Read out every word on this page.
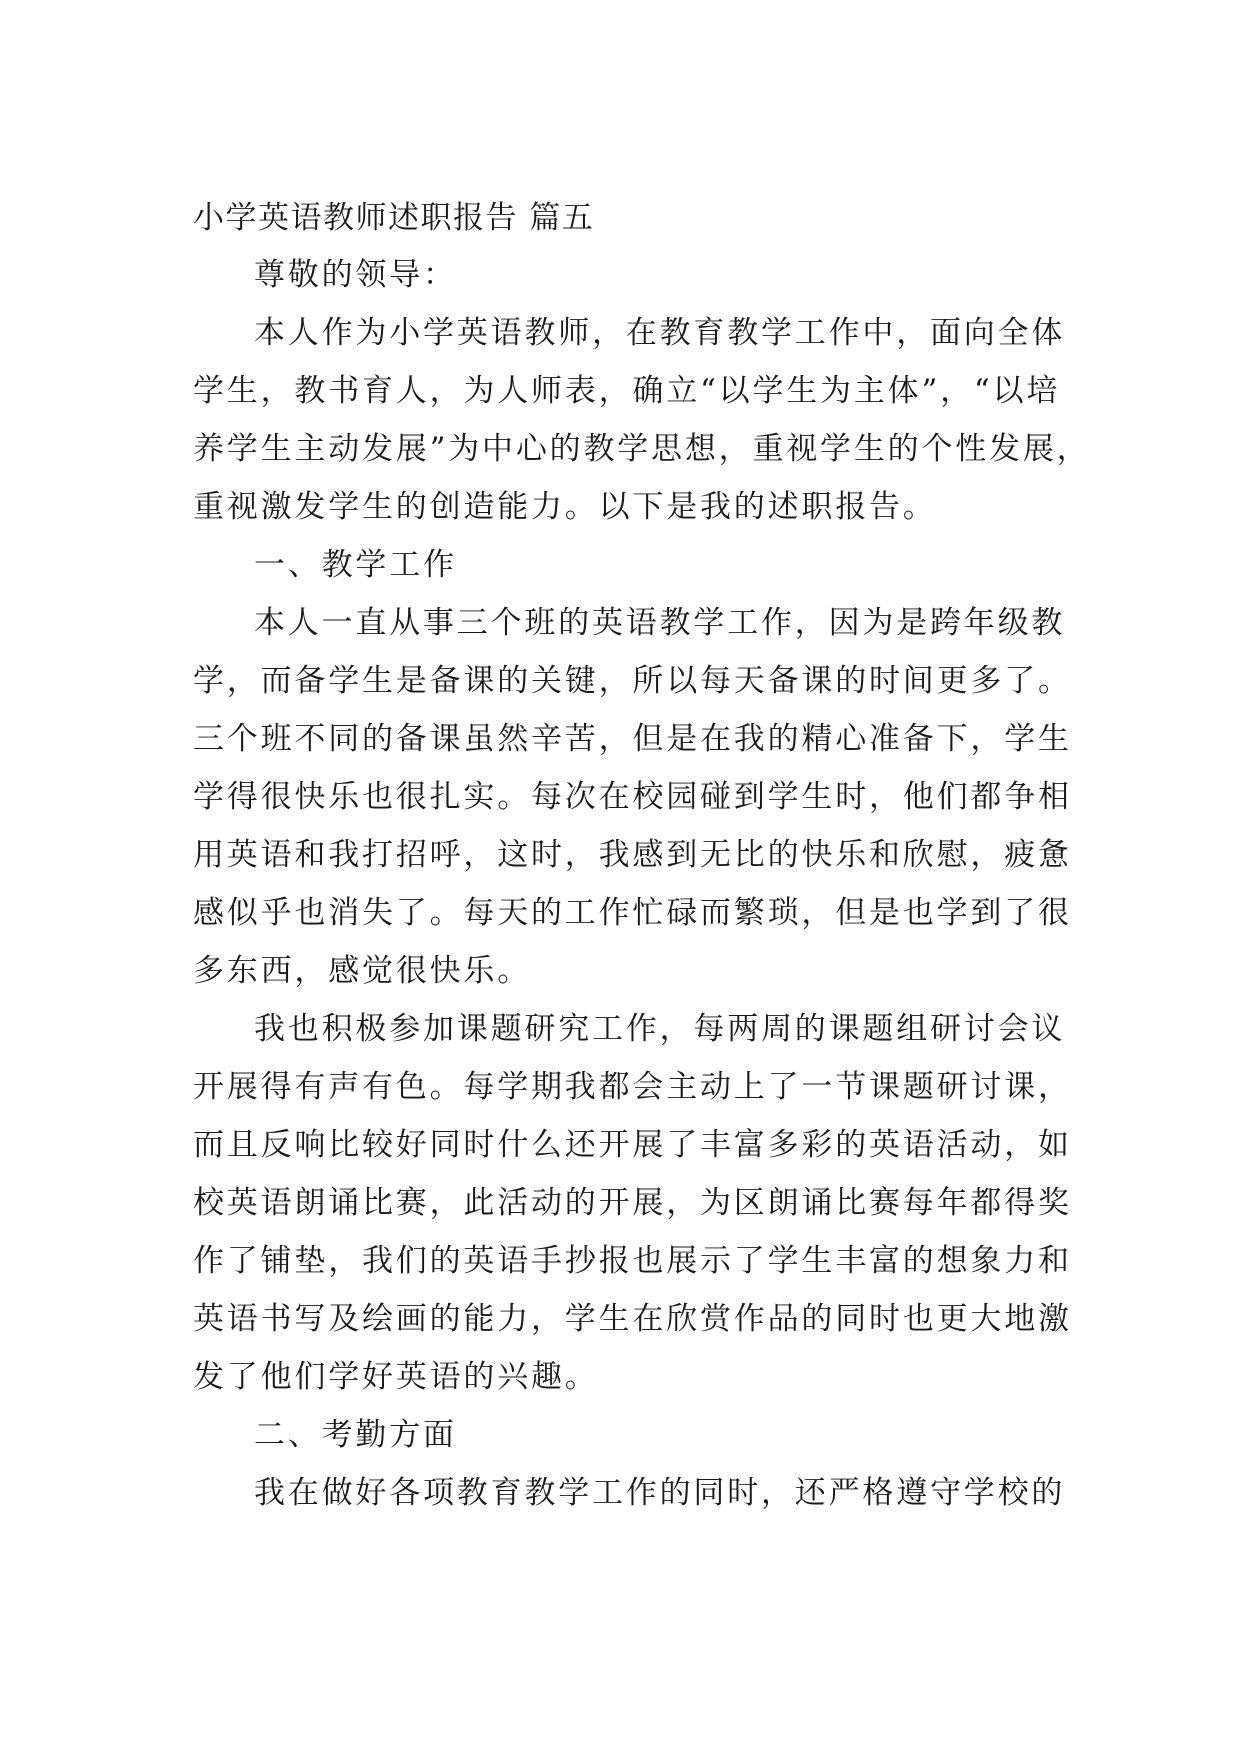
小学英语教师述职报告 篇五
尊敬的领导：
本人作为小学英语教师，在教育教学工作中，面向全体
学生，教书育人，为人师表，确立“以学生为主体”，“以培
养学生主动发展”为中心的教学思想，重视学生的个性发展，
重视激发学生的创造能力。以下是我的述职报告。
一、教学工作
本人一直从事三个班的英语教学工作，因为是跨年级教
学，而备学生是备课的关键，所以每天备课的时间更多了。
三个班不同的备课虽然辛苦，但是在我的精心准备下，学生
学得很快乐也很扎实。每次在校园碰到学生时，他们都争相
用英语和我打招呼，这时，我感到无比的快乐和欣慰，疲惫
感似乎也消失了。每天的工作忙碌而繁琐，但是也学到了很
多东西，感觉很快乐。
我也积极参加课题研究工作，每两周的课题组研讨会议
开展得有声有色。每学期我都会主动上了一节课题研讨课，
而且反响比较好同时什么还开展了丰富多彩的英语活动，如
校英语朗诵比赛，此活动的开展，为区朗诵比赛每年都得奖
作了铺垫，我们的英语手抄报也展示了学生丰富的想象力和
英语书写及绘画的能力，学生在欣赏作品的同时也更大地激
发了他们学好英语的兴趣。
二、考勤方面
我在做好各项教育教学工作的同时，还严格遵守学校的
